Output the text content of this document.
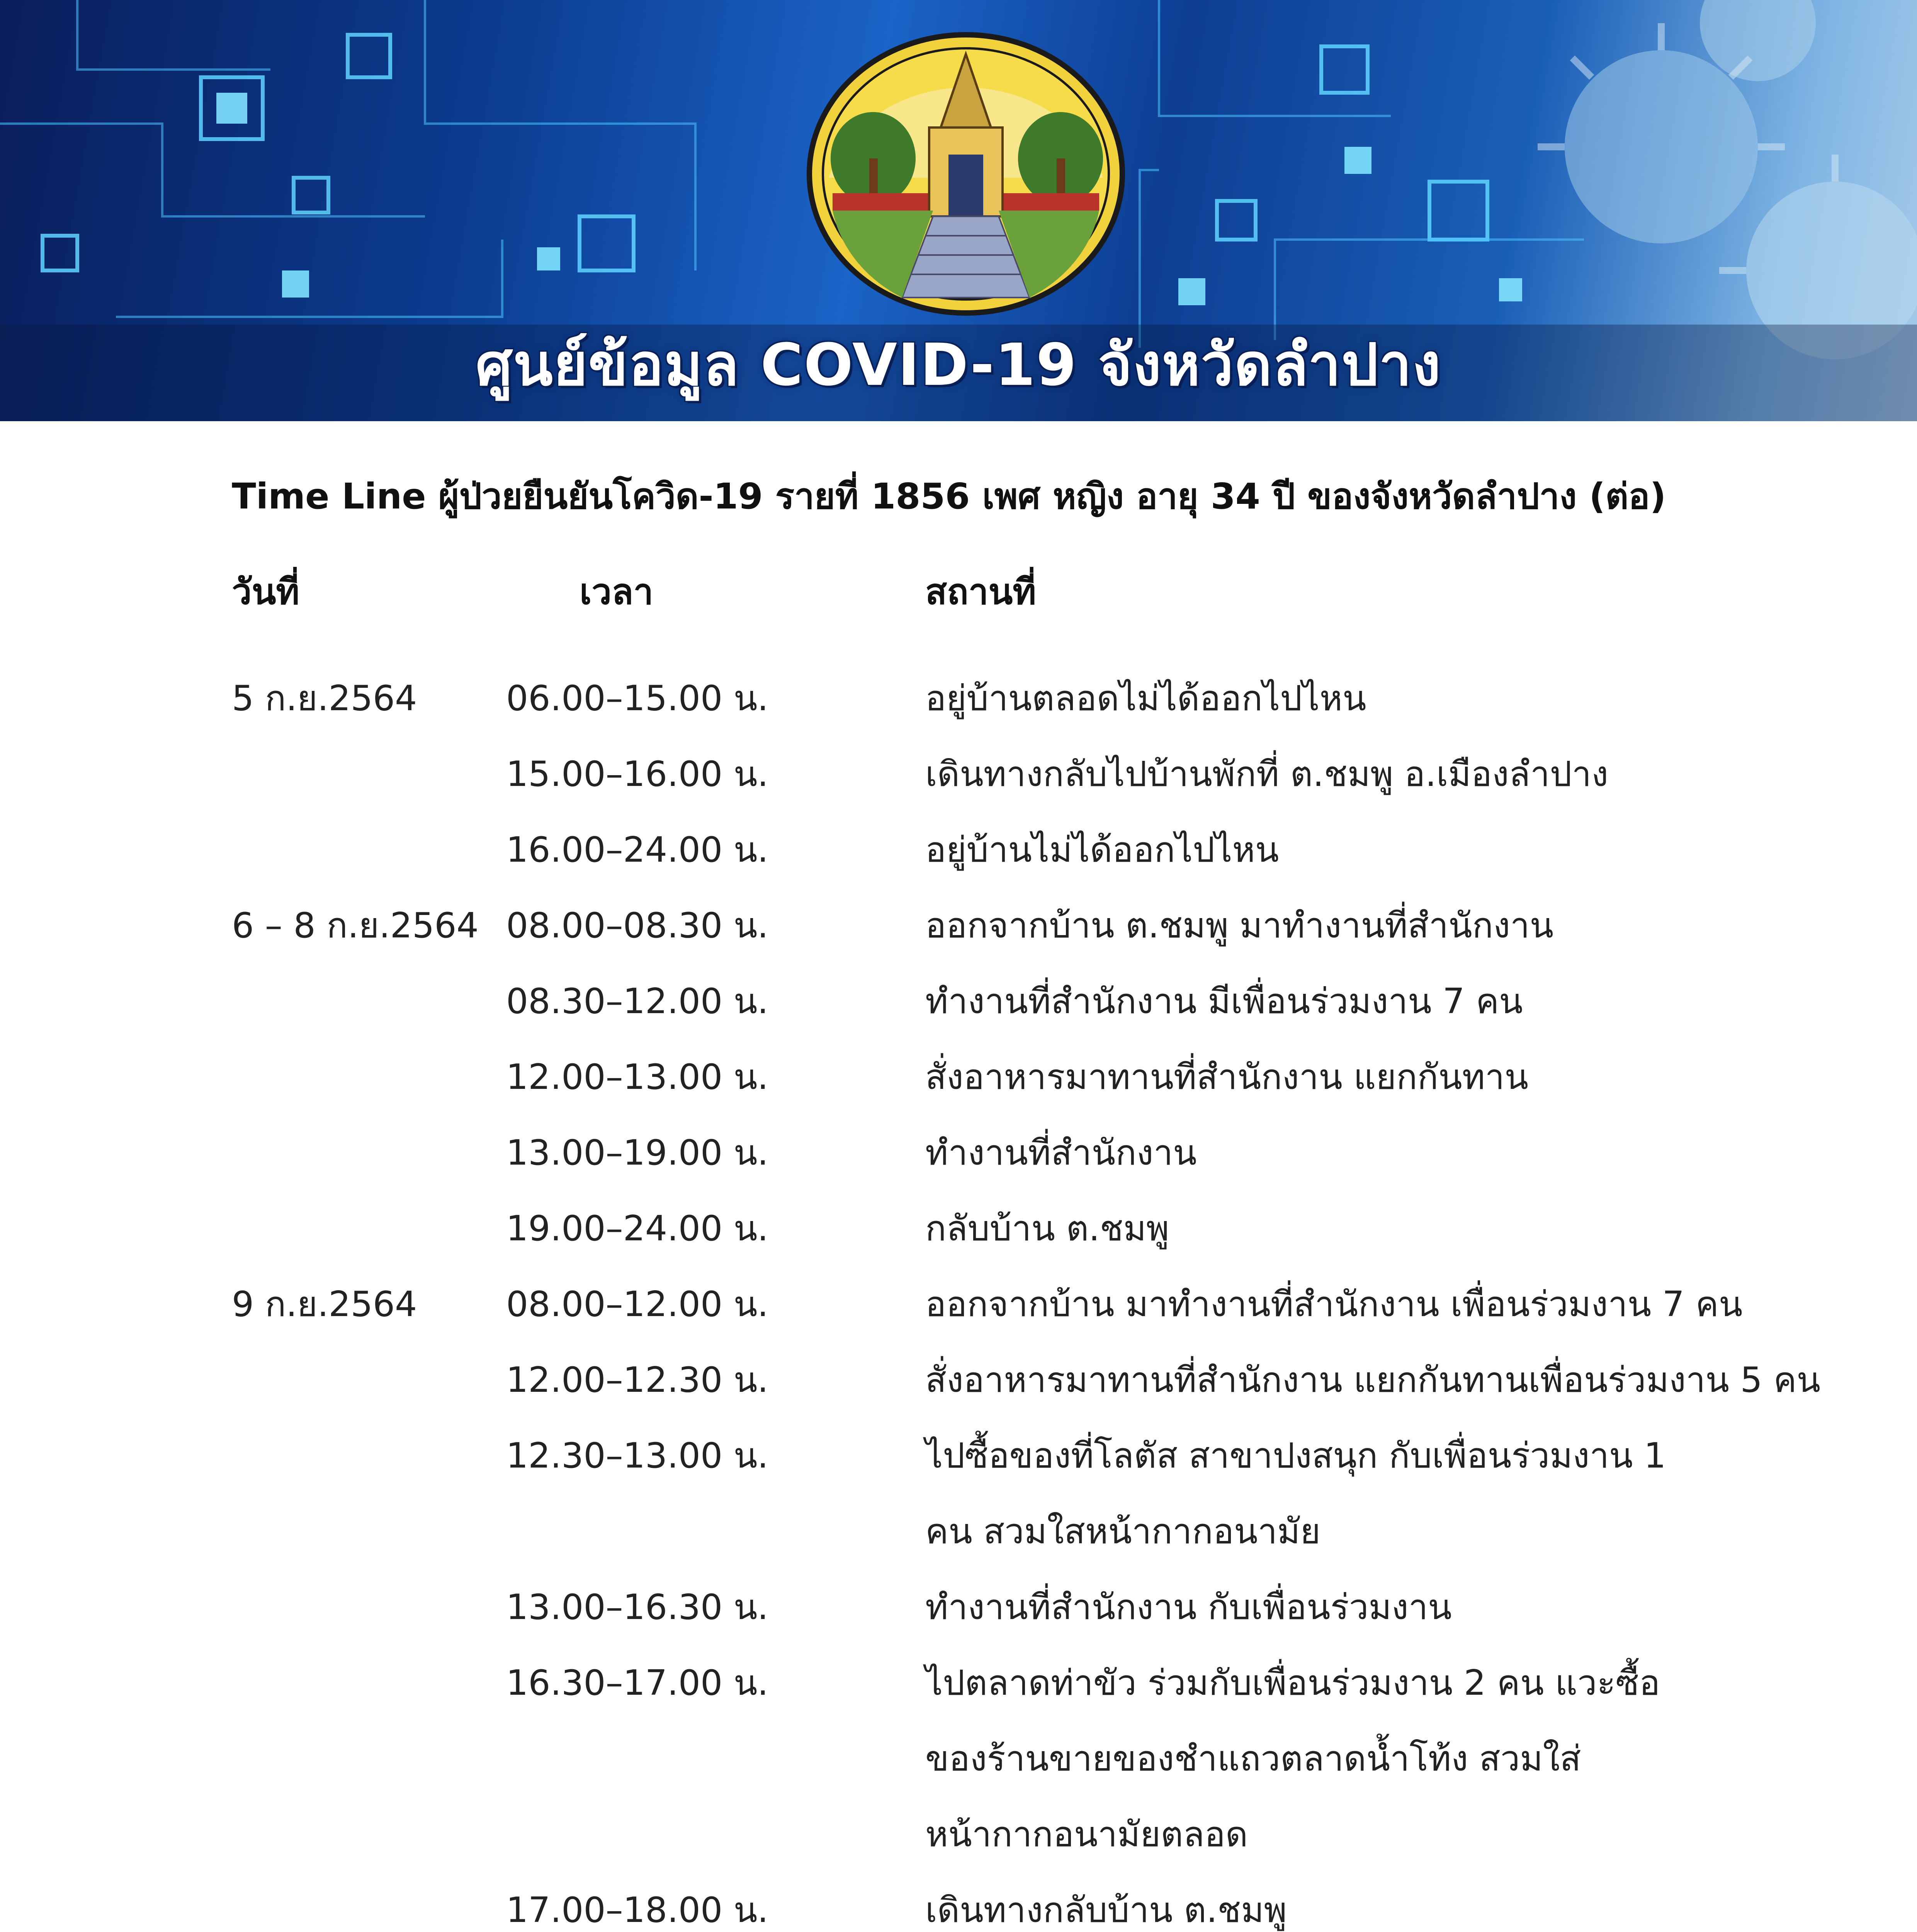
ศูนย์ข้อมูล COVID-19 จังหวัดลำปาง
Time Line ผู้ป่วยยืนยันโควิด-19 รายที่ 1856 เพศ หญิง อายุ 34 ปี ของจังหวัดลำปาง (ต่อ)
วันที่	เวลา	สถานที่
5 ก.ย.2564	06.00–15.00 น.	อยู่บ้านตลอดไม่ได้ออกไปไหน
15.00–16.00 น.	เดินทางกลับไปบ้านพักที่ ต.ชมพู อ.เมืองลำปาง
16.00–24.00 น.	อยู่บ้านไม่ได้ออกไปไหน
6 – 8 ก.ย.2564 08.00–08.30 น.	ออกจากบ้าน ต.ชมพู มาทำงานที่สำนักงาน
08.30–12.00 น.	ทำงานที่สำนักงาน มีเพื่อนร่วมงาน 7 คน
12.00–13.00 น.	สั่งอาหารมาทานที่สำนักงาน แยกกันทาน
13.00–19.00 น.	ทำงานที่สำนักงาน
19.00–24.00 น.	กลับบ้าน ต.ชมพู
9 ก.ย.2564	08.00–12.00 น.	ออกจากบ้าน มาทำงานที่สำนักงาน เพื่อนร่วมงาน 7 คน
12.00–12.30 น.	สั่งอาหารมาทานที่สำนักงาน แยกกันทานเพื่อนร่วมงาน 5 คน
12.30–13.00 น.	ไปซื้อของที่โลตัส สาขาปงสนุก กับเพื่อนร่วมงาน 1
คน สวมใสหน้ากากอนามัย
13.00–16.30 น.	ทำงานที่สำนักงาน กับเพื่อนร่วมงาน
16.30–17.00 น.	ไปตลาดท่าขัว ร่วมกับเพื่อนร่วมงาน 2 คน แวะซื้อ
ของร้านขายของชำแถวตลาดน้ำโท้ง สวมใส่
หน้ากากอนามัยตลอด
17.00–18.00 น.	เดินทางกลับบ้าน ต.ชมพู
